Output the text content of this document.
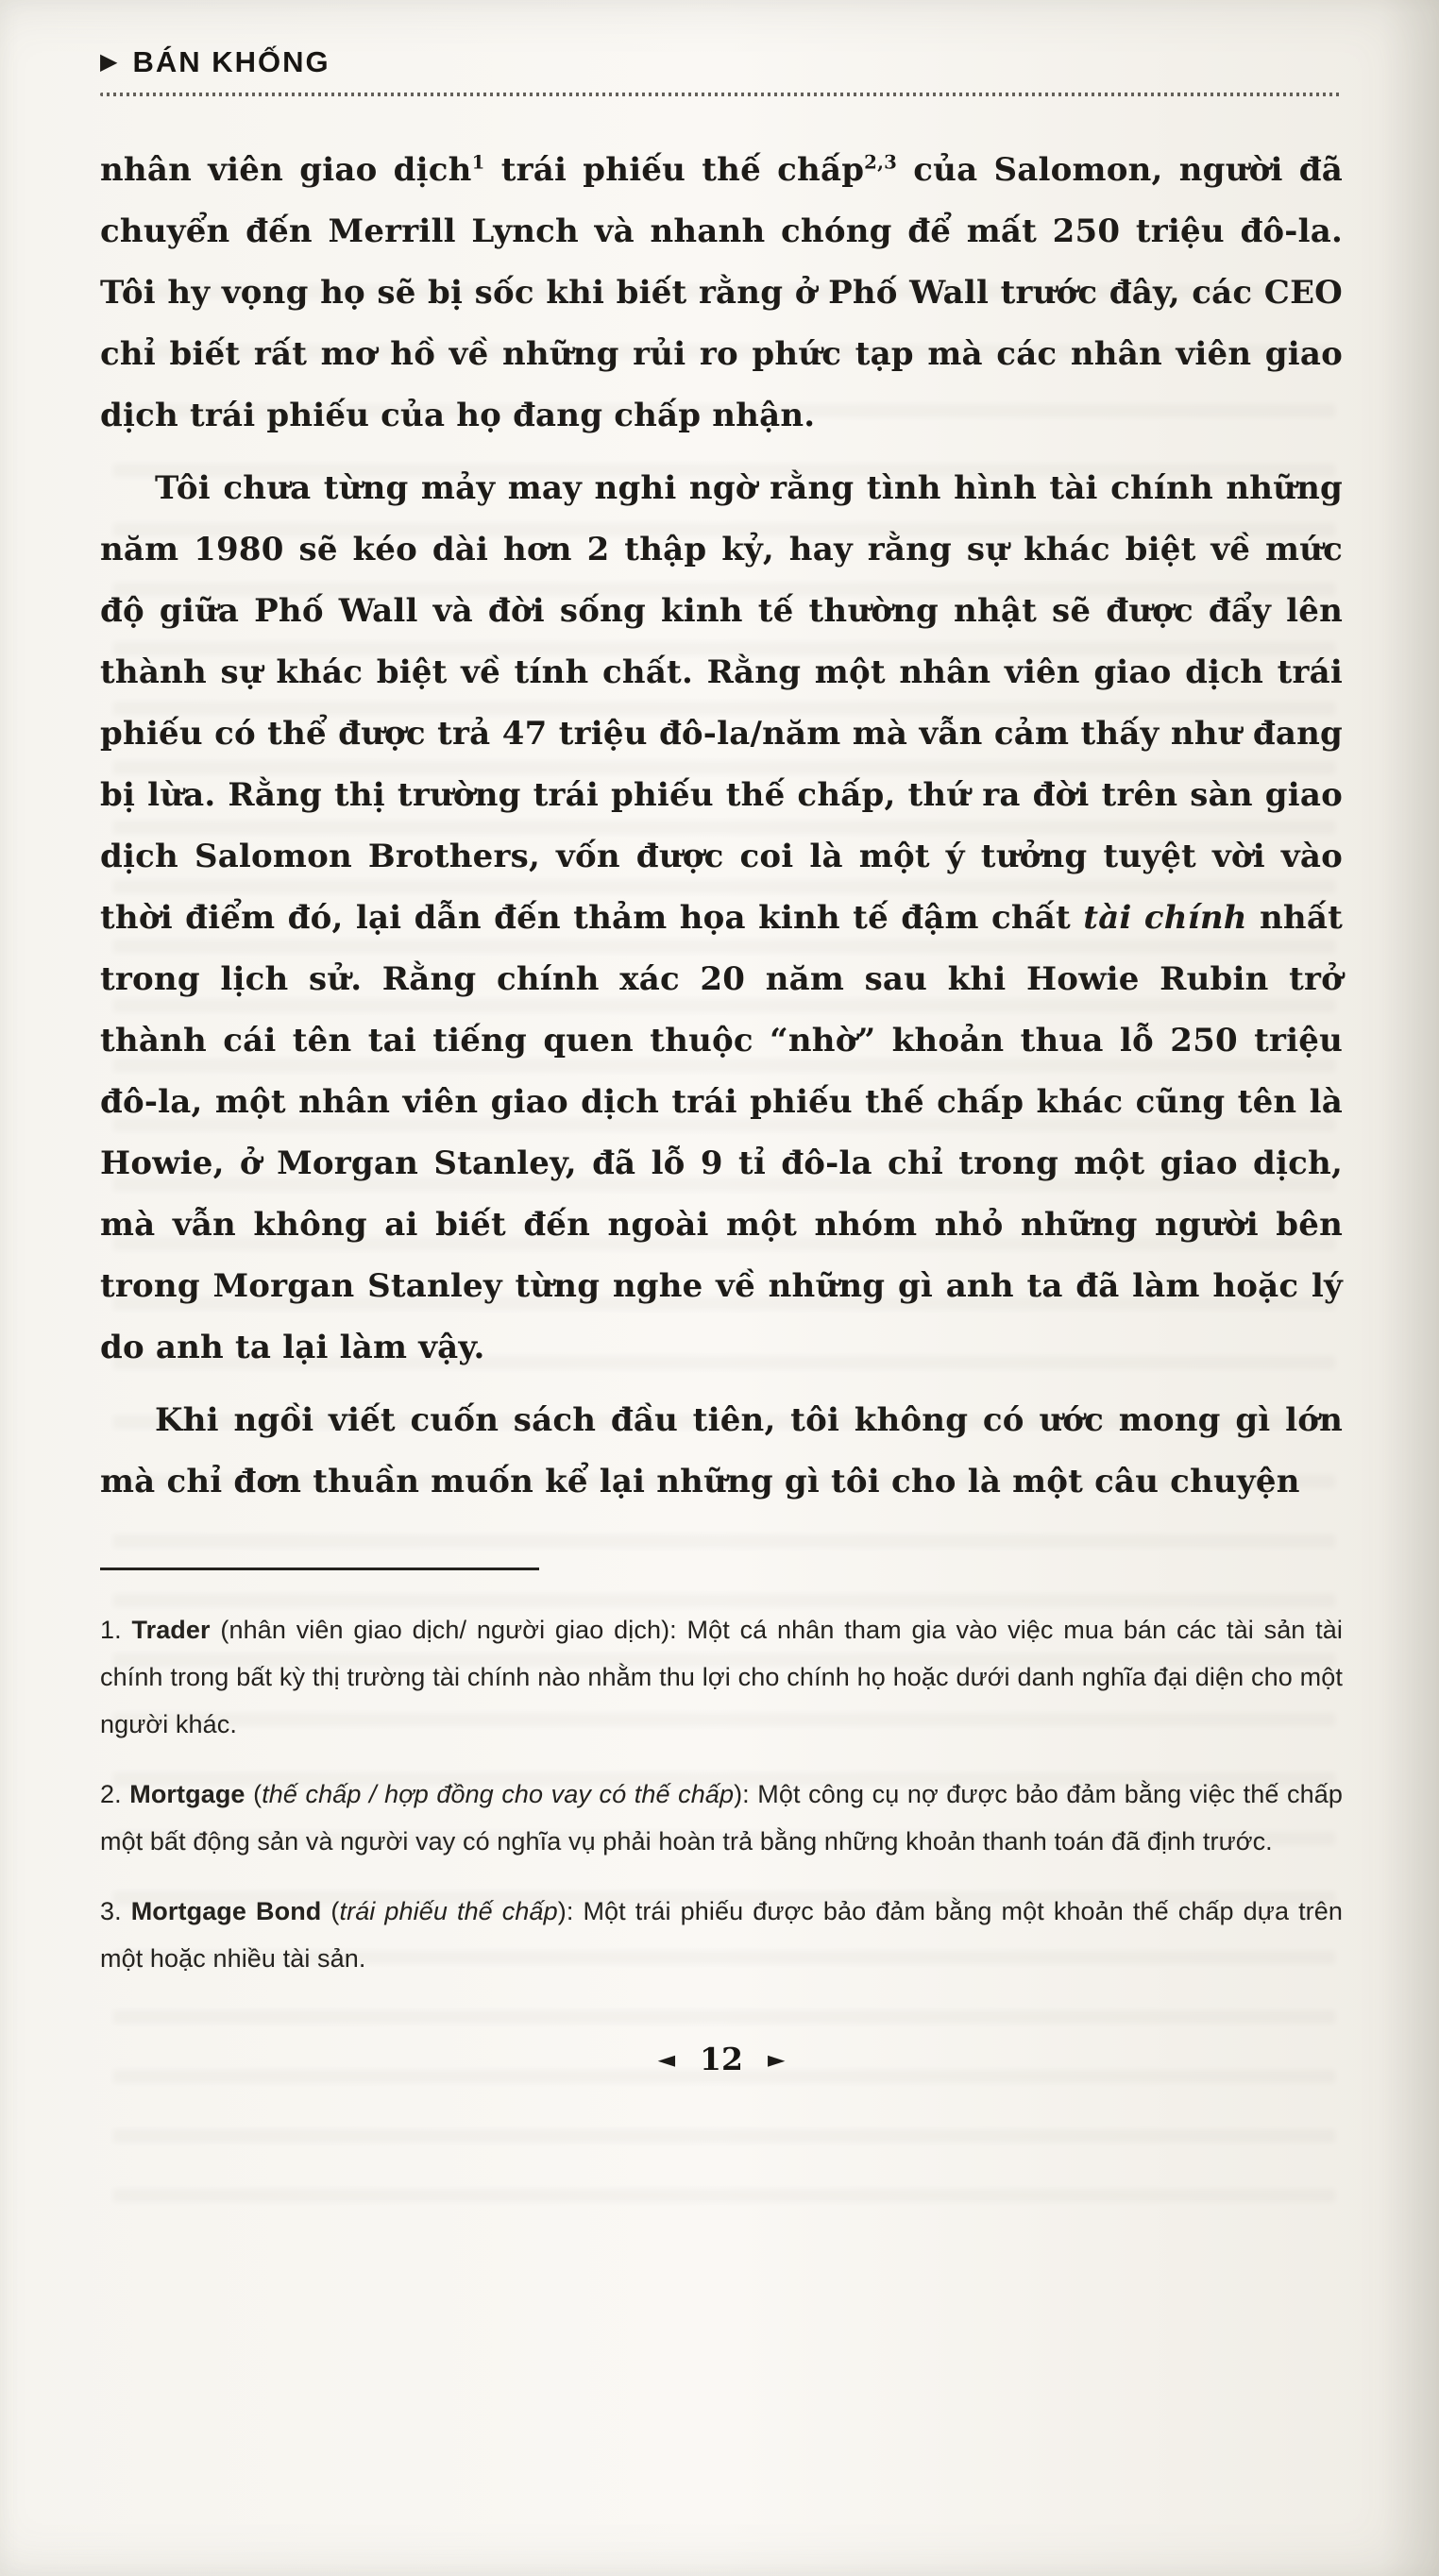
▶ BÁN KHỐNG

nhân viên giao dịch$^1$ trái phiếu thế chấp$^{2,3}$ của Salomon, người đã chuyển đến Merrill Lynch và nhanh chóng để mất 250 triệu đô-la. Tôi hy vọng họ sẽ bị sốc khi biết rằng ở Phố Wall trước đây, các CEO chỉ biết rất mơ hồ về những rủi ro phức tạp mà các nhân viên giao dịch trái phiếu của họ đang chấp nhận.

Tôi chưa từng mảy may nghi ngờ rằng tình hình tài chính những năm 1980 sẽ kéo dài hơn 2 thập kỷ, hay rằng sự khác biệt về mức độ giữa Phố Wall và đời sống kinh tế thường nhật sẽ được đẩy lên thành sự khác biệt về tính chất. Rằng một nhân viên giao dịch trái phiếu có thể được trả 47 triệu đô-la/năm mà vẫn cảm thấy như đang bị lừa. Rằng thị trường trái phiếu thế chấp, thứ ra đời trên sàn giao dịch Salomon Brothers, vốn được coi là một ý tưởng tuyệt vời vào thời điểm đó, lại dẫn đến thảm họa kinh tế đậm chất tài chính nhất trong lịch sử. Rằng chính xác 20 năm sau khi Howie Rubin trở thành cái tên tai tiếng quen thuộc “nhờ” khoản thua lỗ 250 triệu đô-la, một nhân viên giao dịch trái phiếu thế chấp khác cũng tên là Howie, ở Morgan Stanley, đã lỗ 9 tỉ đô-la chỉ trong một giao dịch, mà vẫn không ai biết đến ngoài một nhóm nhỏ những người bên trong Morgan Stanley từng nghe về những gì anh ta đã làm hoặc lý do anh ta lại làm vậy.

Khi ngồi viết cuốn sách đầu tiên, tôi không có ước mong gì lớn mà chỉ đơn thuần muốn kể lại những gì tôi cho là một câu chuyện

1. Trader (nhân viên giao dịch/ người giao dịch): Một cá nhân tham gia vào việc mua bán các tài sản tài chính trong bất kỳ thị trường tài chính nào nhằm thu lợi cho chính họ hoặc dưới danh nghĩa đại diện cho một người khác.

2. Mortgage (thế chấp / hợp đồng cho vay có thế chấp): Một công cụ nợ được bảo đảm bằng việc thế chấp một bất động sản và người vay có nghĩa vụ phải hoàn trả bằng những khoản thanh toán đã định trước.

3. Mortgage Bond (trái phiếu thế chấp): Một trái phiếu được bảo đảm bằng một khoản thế chấp dựa trên một hoặc nhiều tài sản.

◄ 12 ►
